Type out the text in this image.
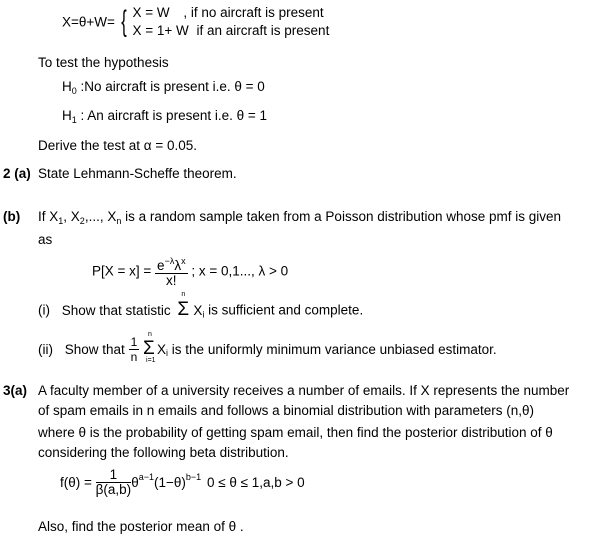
X=θ+W= { X = W , if no aircraft is present
X = 1+ W if an aircraft is present
To test the hypothesis
$H_0$ :No aircraft is present i.e. θ = 0
$H_1$ : An aircraft is present i.e. θ = 1
Derive the test at α = 0.05.
2 (a) State Lehmann-Scheffe theorem.
(b) If $X_1$, $X_2$,..., $X_n$ is a random sample taken from a Poisson distribution whose pmf is given
as
$P[X = x] = \frac{e^{-\lambda}\lambda^x}{x!}$ ; x = 0,1..., λ > 0
(i) Show that statistic
n
Σ $X_i$ is sufficient and complete.
(ii) Show that $\frac{1}{n}$

n
Σ
i=1
$X_i$ is the uniformly minimum variance unbiased estimator.
3(a) A faculty member of a university receives a number of emails. If X represents the number
of spam emails in n emails and follows a binomial distribution with parameters (n,θ)
where θ is the probability of getting spam email, then find the posterior distribution of θ
considering the following beta distribution.
$f(\theta) = \frac{1}{\beta(a,b)} \theta^{a-1}(1-\theta)^{b-1}$ 0 ≤ θ ≤ 1,a,b > 0
Also, find the posterior mean of θ .
